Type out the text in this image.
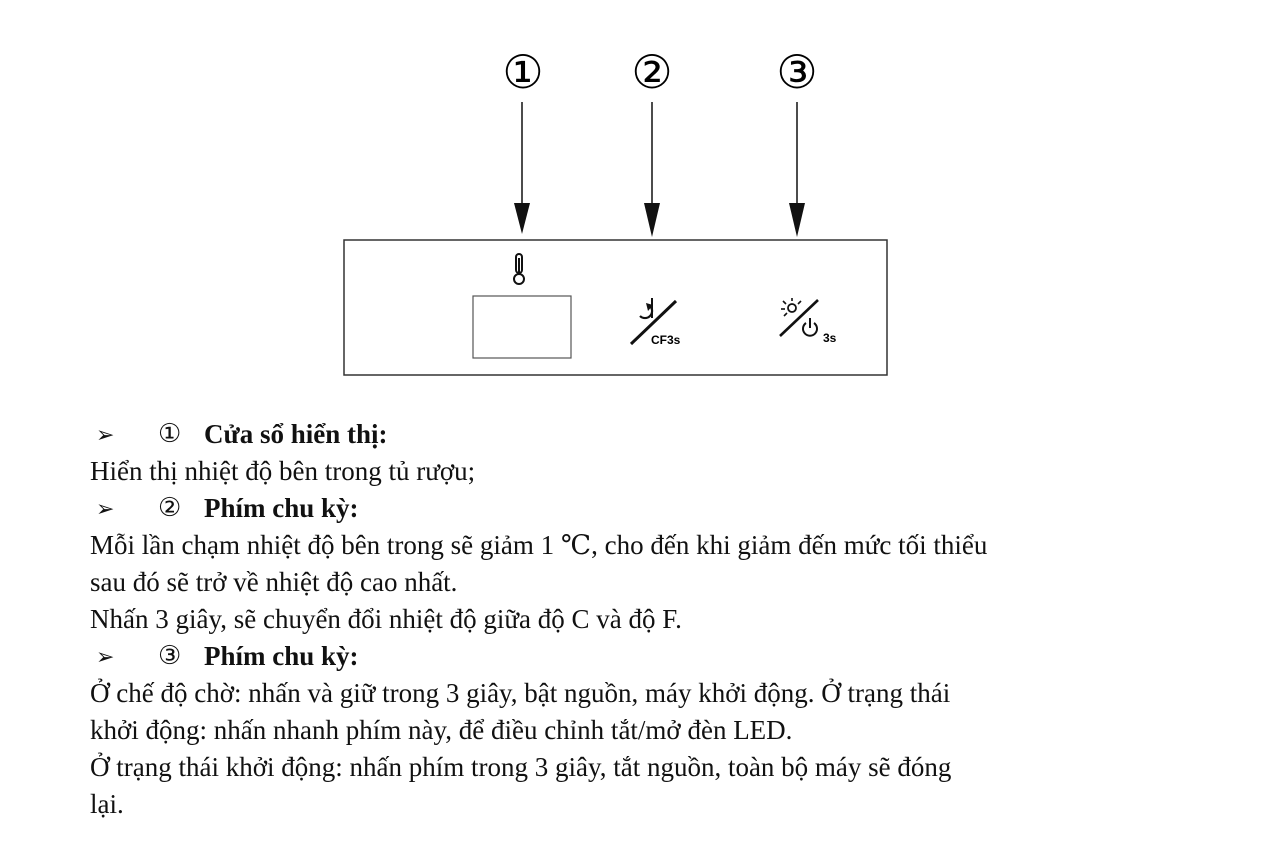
① ② ③
CF3s	3s
➢	① Cửa sổ hiển thị:

Hiển thị nhiệt độ bên trong tủ rượu;

➢	② Phím chu kỳ:

Mỗi lần chạm nhiệt độ bên trong sẽ giảm 1 ℃, cho đến khi giảm đến mức tối thiểu

sau đó sẽ trở về nhiệt độ cao nhất.

Nhấn 3 giây, sẽ chuyển đổi nhiệt độ giữa độ C và độ F.

➢	③ Phím chu kỳ:

Ở chế độ chờ: nhấn và giữ trong 3 giây, bật nguồn, máy khởi động. Ở trạng thái

khởi động: nhấn nhanh phím này, để điều chỉnh tắt/mở đèn LED.

Ở trạng thái khởi động: nhấn phím trong 3 giây, tắt nguồn, toàn bộ máy sẽ đóng

lại.
